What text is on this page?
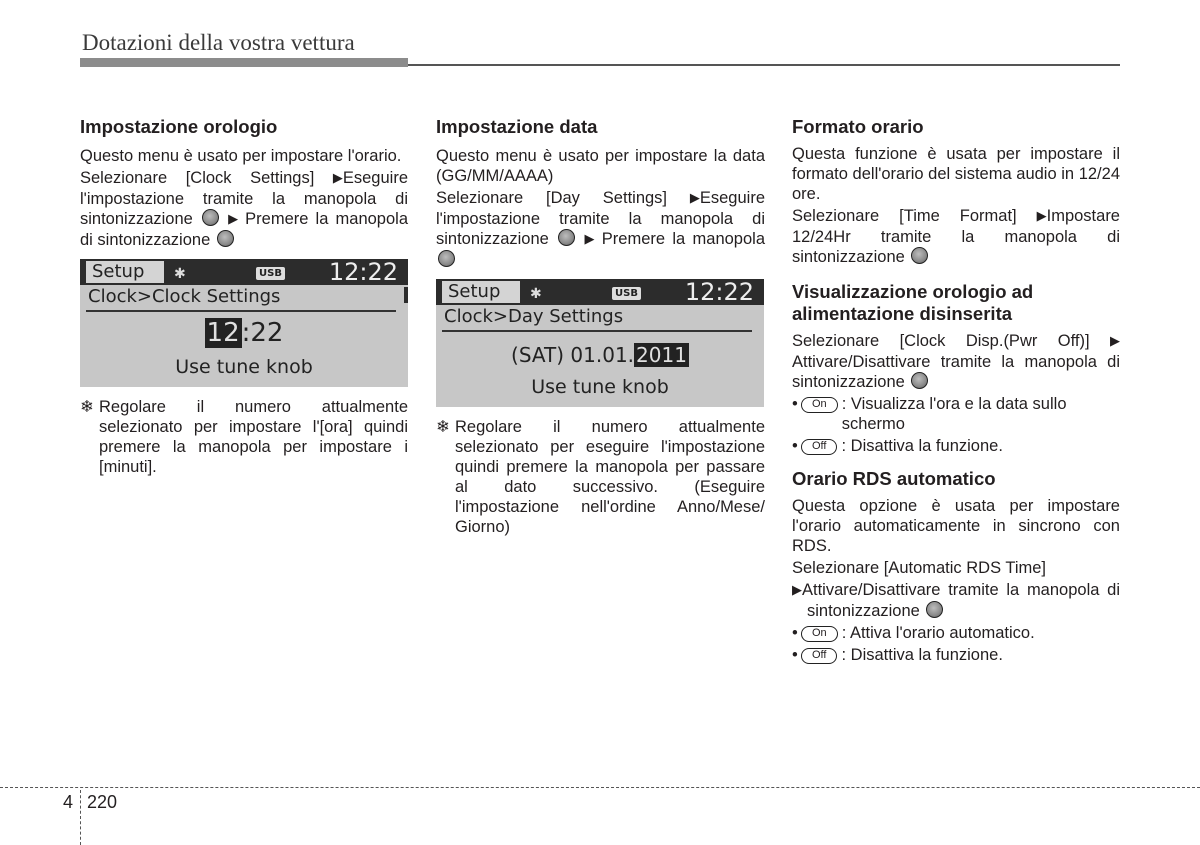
Dotazioni della vostra vettura
Impostazione orologio

Questo menu è usato per impostare l'orario.

Selezionare [Clock Settings] ▶Eseguire l'impostazione tramite la manopola di sintonizzazione  ▶ Premere la manopola di sintonizzazione

Setup	✱	USB 12:22
Clock>Clock Settings
12:22
Use tune knob
❄ Regolare il numero attualmente selezionato per impostare l'[ora] quindi premere la manopola per impostare i [minuti].
Impostazione data

Questo menu è usato per impostare la data (GG/MM/AAAA)

Selezionare [Day Settings] ▶Eseguire l'impostazione tramite la manopola di sintonizzazione  ▶ Premere la manopola

Setup	✱	USB 12:22
Clock>Day Settings
(SAT) 01.01. 2011
Use tune knob
❄ Regolare il numero attualmente selezionato per eseguire l'impostazione quindi premere la manopola per passare al dato successivo. (Eseguire l'impostazione nell'ordine Anno/Mese/ Giorno)
Formato orario

Questa funzione è usata per impostare il formato dell'orario del sistema audio in 12/24 ore.

Selezionare [Time Format] ▶Impostare 12/24Hr tramite la manopola di sintonizzazione

Visualizzazione orologio ad alimentazione disinserita

Selezionare [Clock Disp.(Pwr Off)] ▶ Attivare/Disattivare tramite la manopola di sintonizzazione

•	On : Visualizza l'ora e la data sullo schermo
•	Off : Disattiva la funzione.
Orario RDS automatico

Questa opzione è usata per impostare l'orario automaticamente in sincrono con RDS.

Selezionare [Automatic RDS Time]

▶Attivare/Disattivare tramite la manopola di sintonizzazione

•	On : Attiva l'orario automatico.
•	Off : Disattiva la funzione.
4 220
